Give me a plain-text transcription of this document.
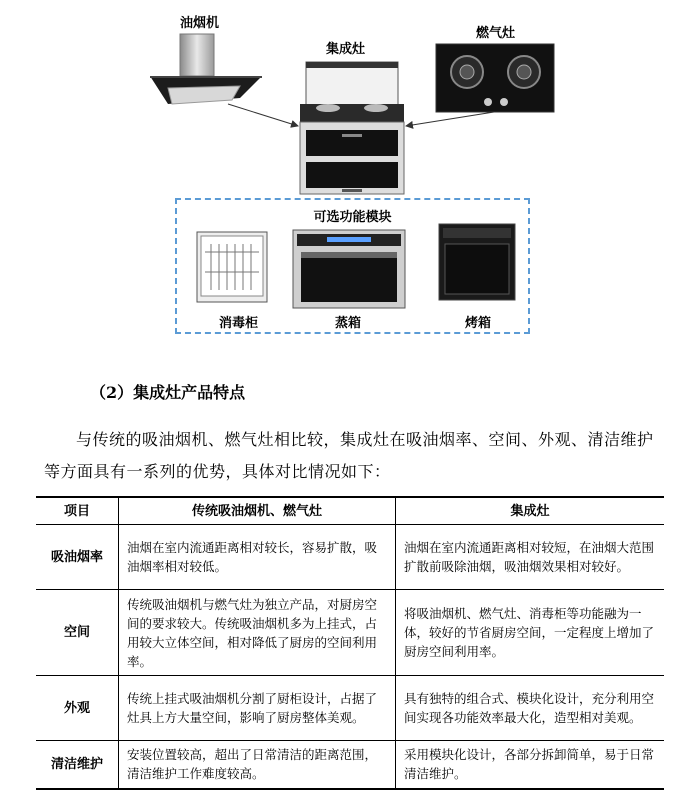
油烟机
集成灶
燃气灶
可选功能模块
消毒柜	蒸箱	烤箱
（2）集成灶产品特点
与传统的吸油烟机、燃气灶相比较，集成灶在吸油烟率、空间、外观、清洁维护等方面具有一系列的优势，具体对比情况如下：
项目	传统吸油烟机、燃气灶	集成灶
吸油烟率	油烟在室内流通距离相对较长，容易扩散，吸油烟率相对较低。	油烟在室内流通距离相对较短，在油烟大范围扩散前吸除油烟，吸油烟效果相对较好。
空间	传统吸油烟机与燃气灶为独立产品，对厨房空间的要求较大。传统吸油烟机多为上挂式，占用较大立体空间，相对降低了厨房的空间利用率。	将吸油烟机、燃气灶、消毒柜等功能融为一体，较好的节省厨房空间，一定程度上增加了厨房空间利用率。
外观	传统上挂式吸油烟机分割了厨柜设计，占据了灶具上方大量空间，影响了厨房整体美观。	具有独特的组合式、模块化设计，充分利用空间实现各功能效率最大化，造型相对美观。
清洁维护	安装位置较高，超出了日常清洁的距离范围，清洁维护工作难度较高。	采用模块化设计，各部分拆卸简单，易于日常清洁维护。
